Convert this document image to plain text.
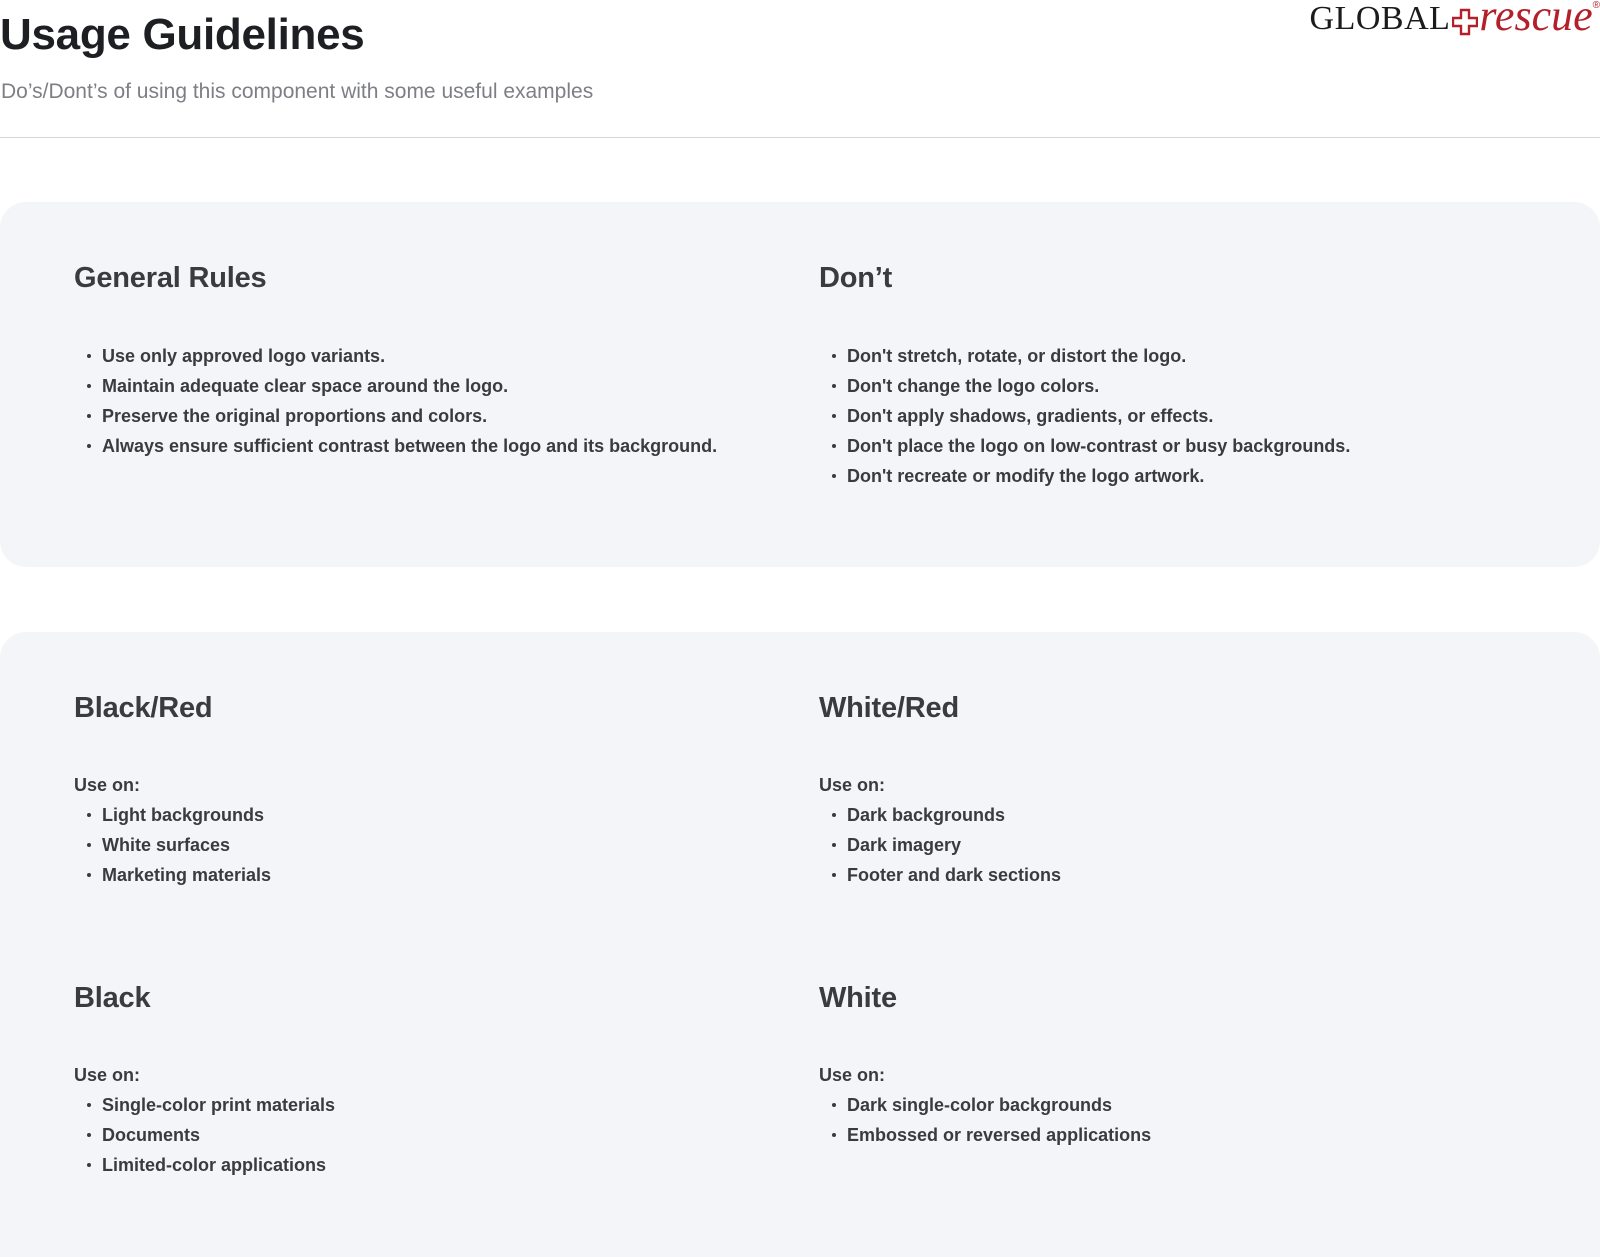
Usage Guidelines

Do’s/Dont’s of using this component with some useful examples

GLOBAL rescue ®
General Rules
Use only approved logo variants.
Maintain adequate clear space around the logo.
Preserve the original proportions and colors.
Always ensure sufficient contrast between the logo and its background.
Don’t
Don't stretch, rotate, or distort the logo.
Don't change the logo colors.
Don't apply shadows, gradients, or effects.
Don't place the logo on low-contrast or busy backgrounds.
Don't recreate or modify the logo artwork.
Black/Red
Use on:
Light backgrounds
White surfaces
Marketing materials
White/Red
Use on:
Dark backgrounds
Dark imagery
Footer and dark sections
Black
Use on:
Single-color print materials
Documents
Limited-color applications
White
Use on:
Dark single-color backgrounds
Embossed or reversed applications
